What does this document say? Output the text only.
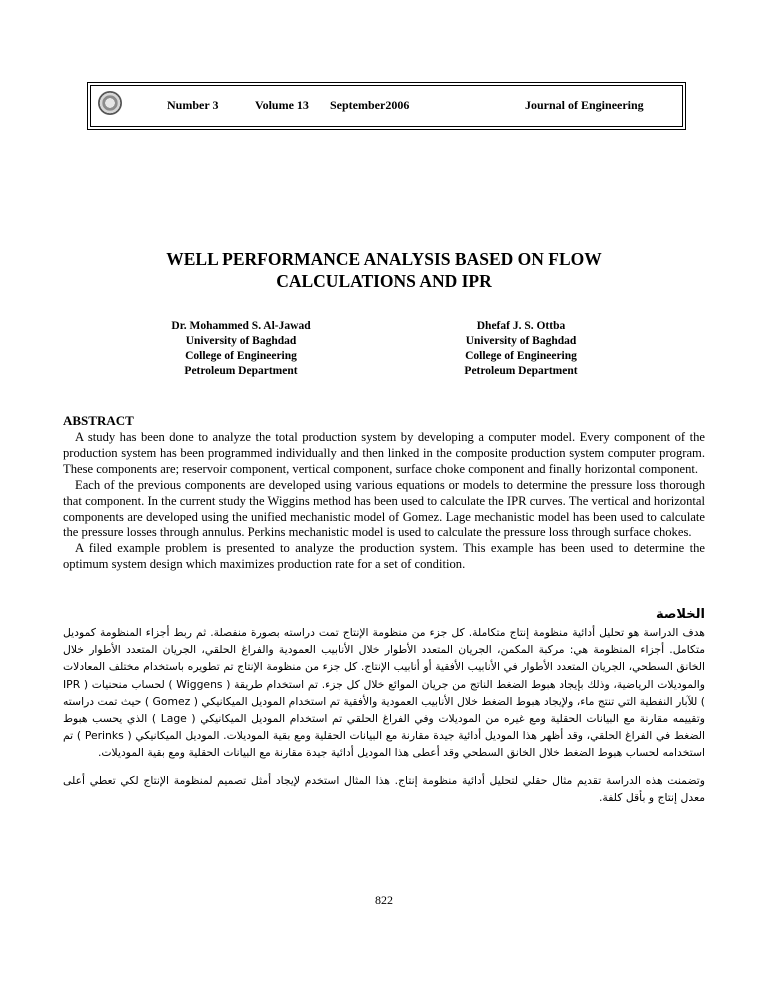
Number 3	Volume 13 September2006	Journal of Engineering
WELL PERFORMANCE ANALYSIS BASED ON FLOW
CALCULATIONS AND IPR
Dr. Mohammed S. Al-Jawad
University of Baghdad
College of Engineering
Petroleum Department
Dhefaf J. S. Ottba
University of Baghdad
College of Engineering
Petroleum Department
ABSTRACT

A study has been done to analyze the total production system by developing a computer model. Every component of the production system has been programmed individually and then linked in the composite production system computer program. These components are; reservoir component, vertical component, surface choke component and finally horizontal component.

Each of the previous components are developed using various equations or models to determine the pressure loss thorough that component. In the current study the Wiggins method has been used to calculate the IPR curves. The vertical and horizontal components are developed using the unified mechanistic model of Gomez. Lage mechanistic model has been used to calculate the pressure losses through annulus. Perkins mechanistic model is used to calculate the pressure loss through surface chokes.

A filed example problem is presented to analyze the production system. This example has been used to determine the optimum system design which maximizes production rate for a set of condition.

الخلاصة

هدف الدراسة هو تحليل أدائية منظومة إنتاج متكاملة. كل جزء من منظومة الإنتاج تمت دراسته بصورة منفصلة. ثم ربط أجزاء المنظومة كموديل متكامل. أجزاء المنظومة هي: مركبة المكمن، الجريان المتعدد الأطوار خلال الأنابيب العمودية والفراغ الحلقي، الجريان المتعدد الأطوار خلال الخانق السطحي، الجريان المتعدد الأطوار في الأنابيب الأفقية أو أنابيب الإنتاج. كل جزء من منظومة الإنتاج تم تطويره باستخدام مختلف المعادلات والموديلات الرياضية، وذلك بإيجاد هبوط الضغط الناتج من جريان الموائع خلال كل جزء. تم استخدام طريقة ( Wiggens ) لحساب منحنيات ( IPR ) للآبار النفطية التي تنتج ماء، ولإيجاد هبوط الضغط خلال الأنابيب العمودية والأفقية تم استخدام الموديل الميكانيكي ( Gomez ) حيث تمت دراسته وتقييمه مقارنة مع البيانات الحقلية ومع غيره من الموديلات وفي الفراغ الحلقي تم استخدام الموديل الميكانيكي ( Lage ) الذي يحسب هبوط الضغط في الفراغ الحلقي، وقد أظهر هذا الموديل أدائية جيدة مقارنة مع البيانات الحقلية ومع بقية الموديلات. الموديل الميكانيكي ( Perinks ) تم استخدامه لحساب هبوط الضغط خلال الخانق السطحي وقد أعطى هذا الموديل أدائية جيدة مقارنة مع البيانات الحقلية ومع بقية الموديلات.

وتضمنت هذه الدراسة تقديم مثال حقلي لتحليل أدائية منظومة إنتاج. هذا المثال استخدم لإيجاد أمثل تصميم لمنظومة الإنتاج لكي تعطي أعلى معدل إنتاج و بأقل كلفة.

822
